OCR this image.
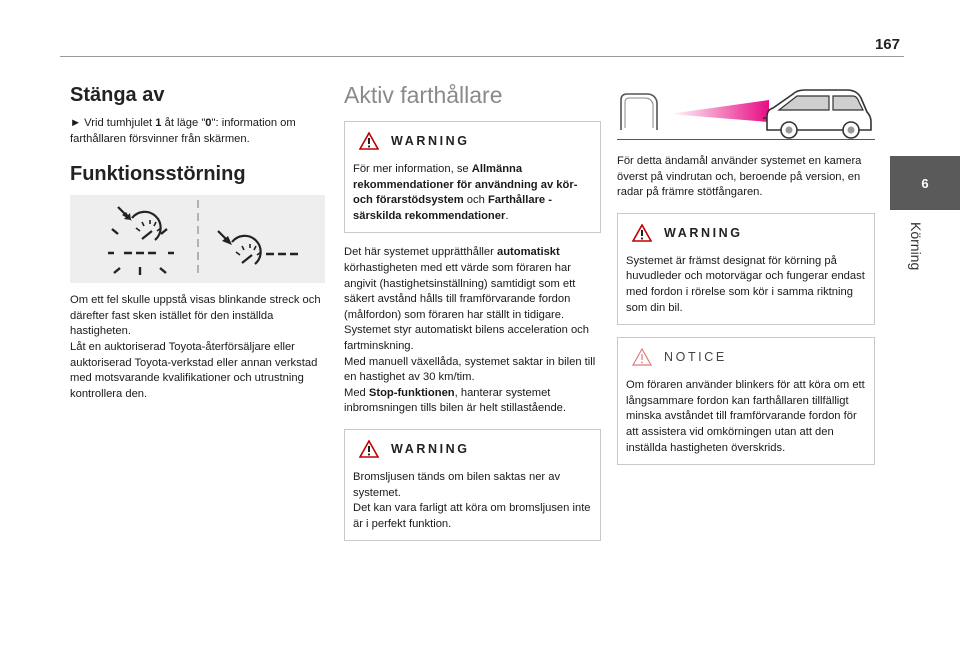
167
6
Körning
Stänga av

► Vrid tumhjulet 1 åt läge "0": information om farthållaren försvinner från skärmen.

Funktionsstörning

Om ett fel skulle uppstå visas blinkande streck och därefter fast sken istället för den inställda hastigheten.

Låt en auktoriserad Toyota-återförsäljare eller auktoriserad Toyota-verkstad eller annan verkstad med motsvarande kvalifikationer och utrustning kontrollera den.

Aktiv farthållare
WARNING

För mer information, se Allmänna rekommendationer för användning av kör- och förarstödsystem och Farthållare - särskilda rekommendationer.

Det här systemet upprätthåller automatiskt körhastigheten med ett värde som föraren har angivit (hastighetsinställning) samtidigt som ett säkert avstånd hålls till framförvarande fordon (målfordon) som föraren har ställt in tidigare.

Systemet styr automatiskt bilens acceleration och fartminskning.

Med manuell växellåda, systemet saktar in bilen till en hastighet av 30 km/tim.

Med Stop-funktionen, hanterar systemet inbromsningen tills bilen är helt stillastående.

WARNING

Bromsljusen tänds om bilen saktas ner av systemet.

Det kan vara farligt att köra om bromsljusen inte är i perfekt funktion.

För detta ändamål använder systemet en kamera överst på vindrutan och, beroende på version, en radar på främre stötfångaren.

WARNING

Systemet är främst designat för körning på huvudleder och motorvägar och fungerar endast med fordon i rörelse som kör i samma riktning som din bil.

NOTICE

Om föraren använder blinkers för att köra om ett långsammare fordon kan farthållaren tillfälligt minska avståndet till framförvarande fordon för att assistera vid omkörningen utan att den inställda hastigheten överskrids.
